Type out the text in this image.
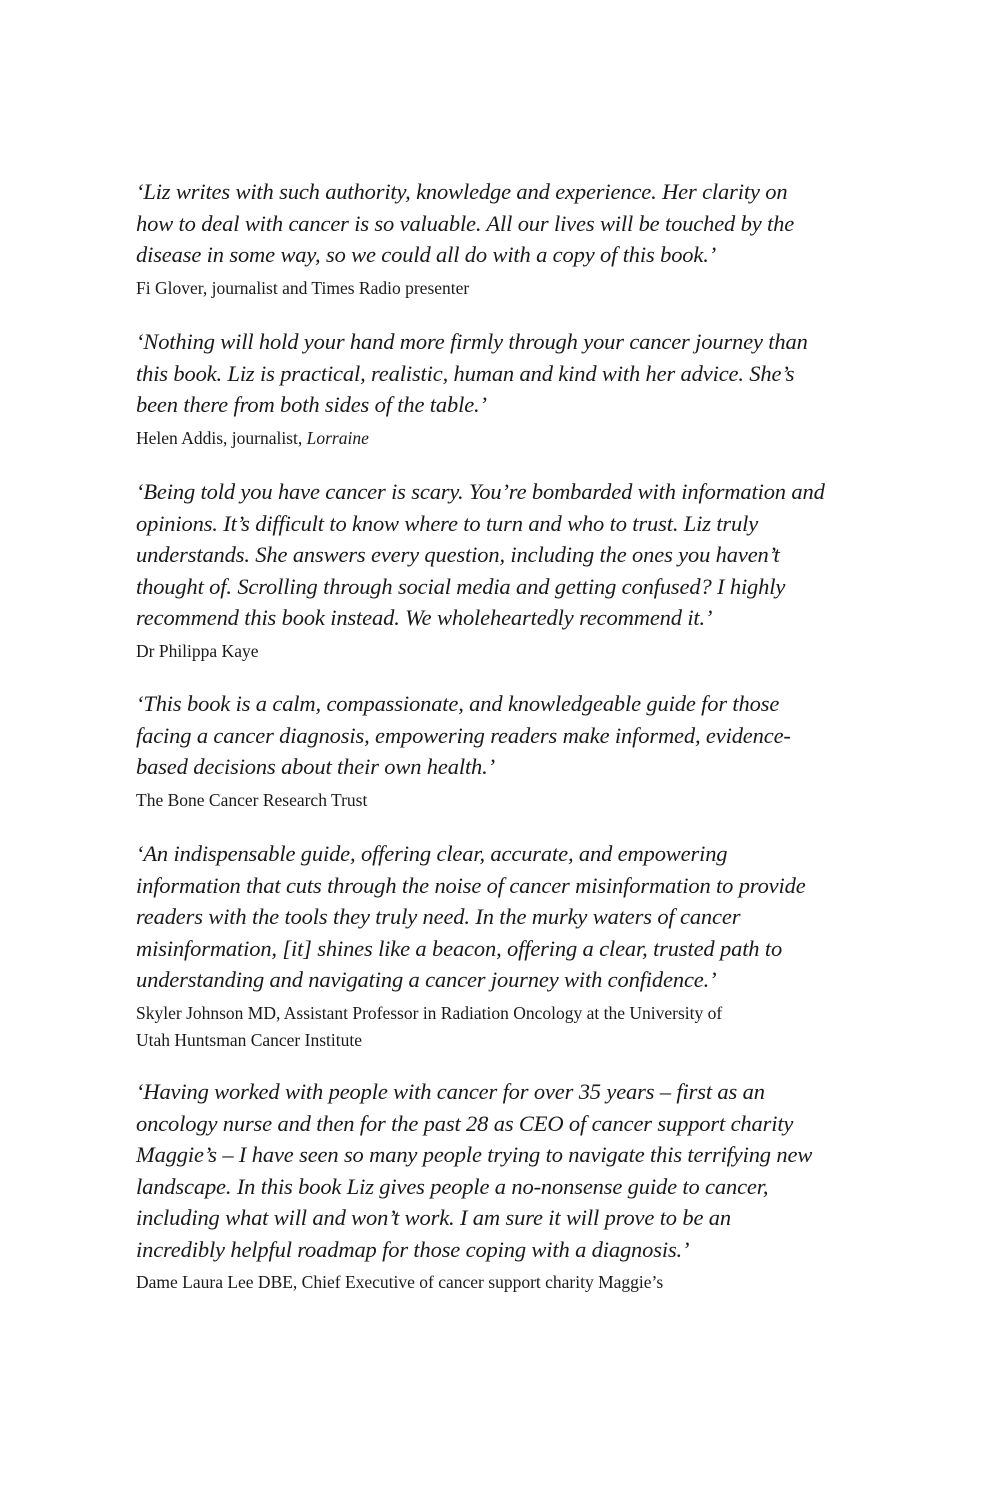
‘Liz writes with such authority, knowledge and experience. Her clarity on
how to deal with cancer is so valuable. All our lives will be touched by the
disease in some way, so we could all do with a copy of this book.’

Fi Glover, journalist and Times Radio presenter

‘Nothing will hold your hand more firmly through your cancer journey than
this book. Liz is practical, realistic, human and kind with her advice. She’s
been there from both sides of the table.’

Helen Addis, journalist, Lorraine

‘Being told you have cancer is scary. You’re bombarded with information and
opinions. It’s difficult to know where to turn and who to trust. Liz truly
understands. She answers every question, including the ones you haven’t
thought of. Scrolling through social media and getting confused? I highly
recommend this book instead. We wholeheartedly recommend it.’

Dr Philippa Kaye

‘This book is a calm, compassionate, and knowledgeable guide for those
facing a cancer diagnosis, empowering readers make informed, evidence-
based decisions about their own health.’

The Bone Cancer Research Trust

‘An indispensable guide, offering clear, accurate, and empowering
information that cuts through the noise of cancer misinformation to provide
readers with the tools they truly need. In the murky waters of cancer
misinformation, [it] shines like a beacon, offering a clear, trusted path to
understanding and navigating a cancer journey with confidence.’

Skyler Johnson MD, Assistant Professor in Radiation Oncology at the University of
Utah Huntsman Cancer Institute

‘Having worked with people with cancer for over 35 years – first as an
oncology nurse and then for the past 28 as CEO of cancer support charity
Maggie’s – I have seen so many people trying to navigate this terrifying new
landscape. In this book Liz gives people a no-nonsense guide to cancer,
including what will and won’t work. I am sure it will prove to be an
incredibly helpful roadmap for those coping with a diagnosis.’

Dame Laura Lee DBE, Chief Executive of cancer support charity Maggie’s
